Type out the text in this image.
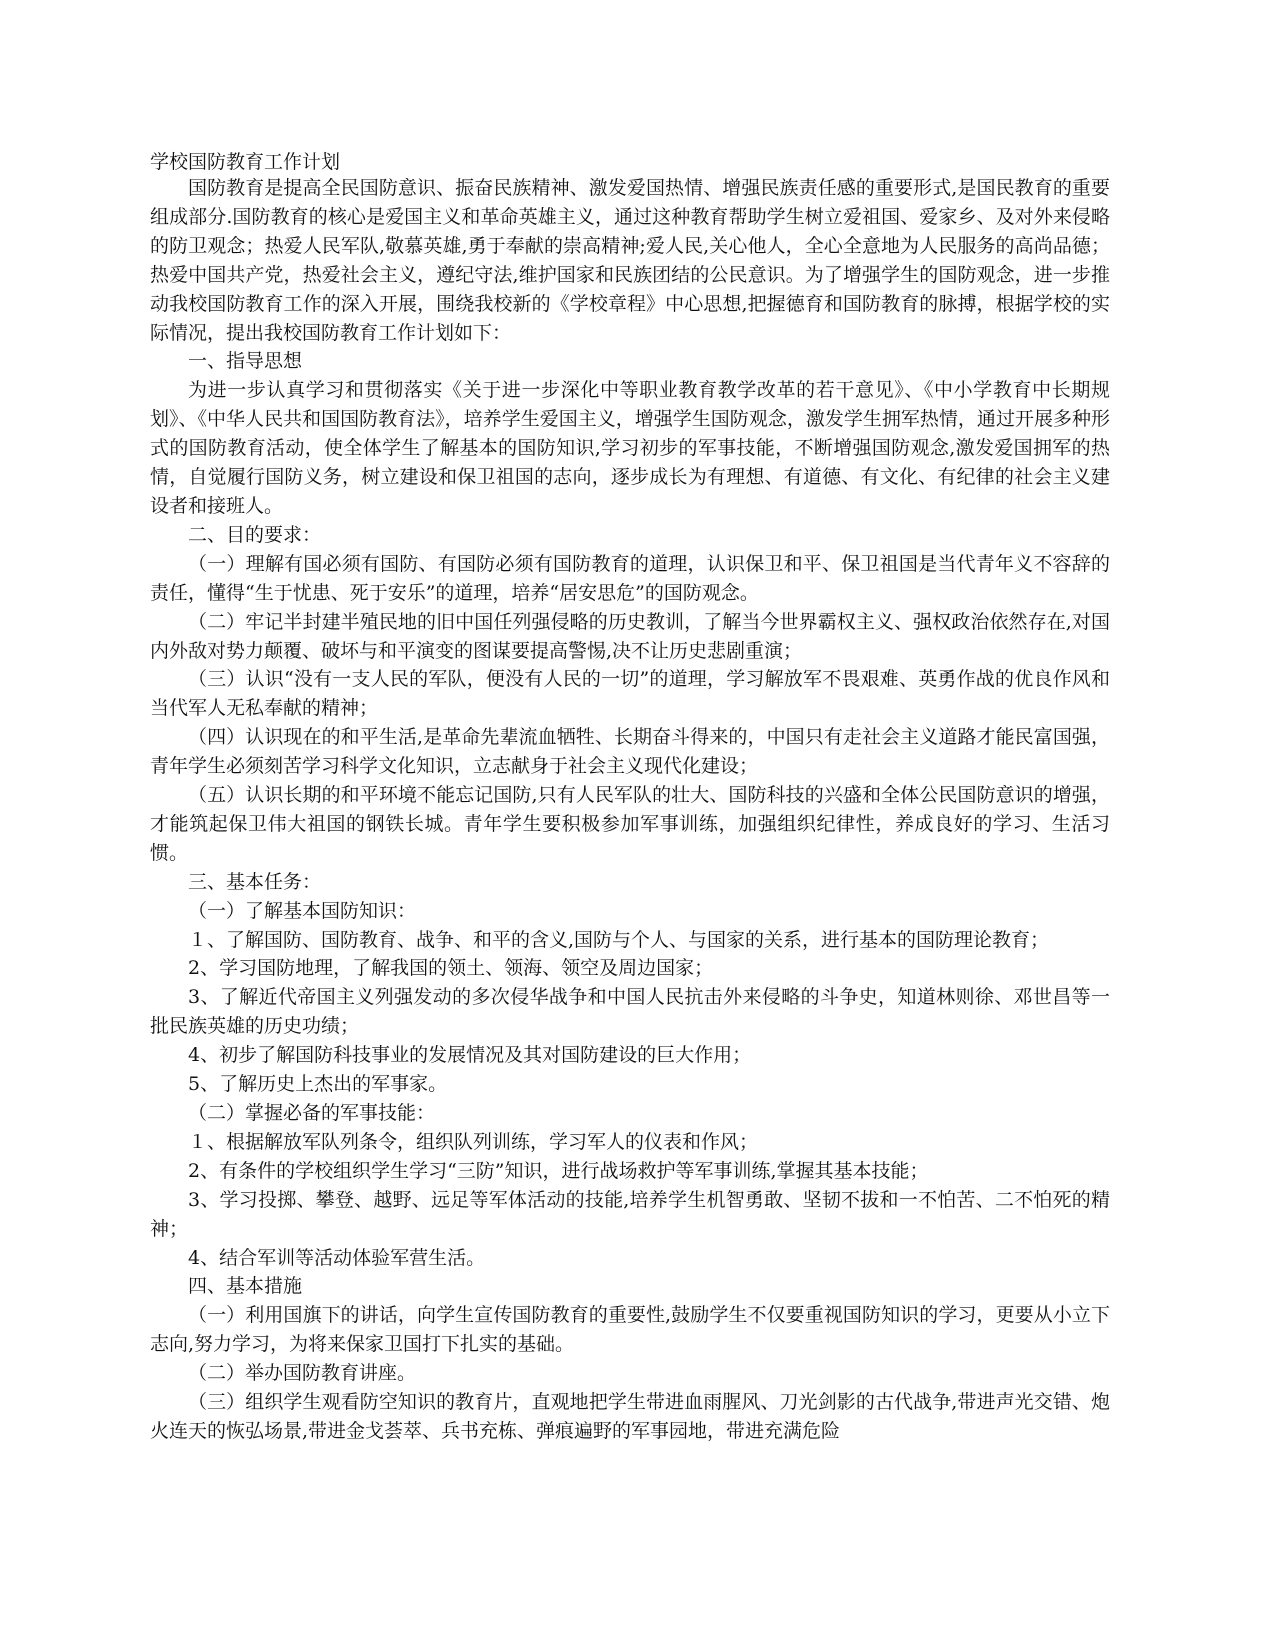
学校国防教育工作计划

国防教育是提高全民国防意识、振奋民族精神、激发爱国热情、增强民族责任感的重要形式,是国民教育的重要组成部分.国防教育的核心是爱国主义和革命英雄主义，通过这种教育帮助学生树立爱祖国、爱家乡、及对外来侵略的防卫观念；热爱人民军队,敬慕英雄,勇于奉献的崇高精神;爱人民,关心他人，全心全意地为人民服务的高尚品德；热爱中国共产党，热爱社会主义，遵纪守法,维护国家和民族团结的公民意识。为了增强学生的国防观念，进一步推动我校国防教育工作的深入开展，围绕我校新的《学校章程》中心思想,把握德育和国防教育的脉搏，根据学校的实际情况，提出我校国防教育工作计划如下：

一、指导思想

为进一步认真学习和贯彻落实《关于进一步深化中等职业教育教学改革的若干意见》、《中小学教育中长期规划》、《中华人民共和国国防教育法》，培养学生爱国主义，增强学生国防观念，激发学生拥军热情，通过开展多种形式的国防教育活动，使全体学生了解基本的国防知识,学习初步的军事技能，不断增强国防观念,激发爱国拥军的热情，自觉履行国防义务，树立建设和保卫祖国的志向，逐步成长为有理想、有道德、有文化、有纪律的社会主义建设者和接班人。

二、目的要求：

（一）理解有国必须有国防、有国防必须有国防教育的道理，认识保卫和平、保卫祖国是当代青年义不容辞的责任，懂得“生于忧患、死于安乐”的道理，培养“居安思危”的国防观念。

（二）牢记半封建半殖民地的旧中国任列强侵略的历史教训，了解当今世界霸权主义、强权政治依然存在,对国内外敌对势力颠覆、破坏与和平演变的图谋要提高警惕,决不让历史悲剧重演；

（三）认识“没有一支人民的军队，便没有人民的一切”的道理，学习解放军不畏艰难、英勇作战的优良作风和当代军人无私奉献的精神；

（四）认识现在的和平生活,是革命先辈流血牺牲、长期奋斗得来的，中国只有走社会主义道路才能民富国强，青年学生必须刻苦学习科学文化知识，立志献身于社会主义现代化建设；

（五）认识长期的和平环境不能忘记国防,只有人民军队的壮大、国防科技的兴盛和全体公民国防意识的增强，才能筑起保卫伟大祖国的钢铁长城。青年学生要积极参加军事训练，加强组织纪律性，养成良好的学习、生活习惯。

三、基本任务：

（一）了解基本国防知识：

１、了解国防、国防教育、战争、和平的含义,国防与个人、与国家的关系，进行基本的国防理论教育；

2、学习国防地理，了解我国的领土、领海、领空及周边国家；

3、了解近代帝国主义列强发动的多次侵华战争和中国人民抗击外来侵略的斗争史，知道林则徐、邓世昌等一批民族英雄的历史功绩；

4、初步了解国防科技事业的发展情况及其对国防建设的巨大作用；

5、了解历史上杰出的军事家。

（二）掌握必备的军事技能：

１、根据解放军队列条令，组织队列训练，学习军人的仪表和作风；

2、有条件的学校组织学生学习“三防”知识，进行战场救护等军事训练,掌握其基本技能；

3、学习投掷、攀登、越野、远足等军体活动的技能,培养学生机智勇敢、坚韧不拔和一不怕苦、二不怕死的精神；

4、结合军训等活动体验军营生活。

四、基本措施

（一）利用国旗下的讲话，向学生宣传国防教育的重要性,鼓励学生不仅要重视国防知识的学习，更要从小立下志向,努力学习，为将来保家卫国打下扎实的基础。

（二）举办国防教育讲座。

（三）组织学生观看防空知识的教育片，直观地把学生带进血雨腥风、刀光剑影的古代战争,带进声光交错、炮火连天的恢弘场景,带进金戈荟萃、兵书充栋、弹痕遍野的军事园地，带进充满危险
